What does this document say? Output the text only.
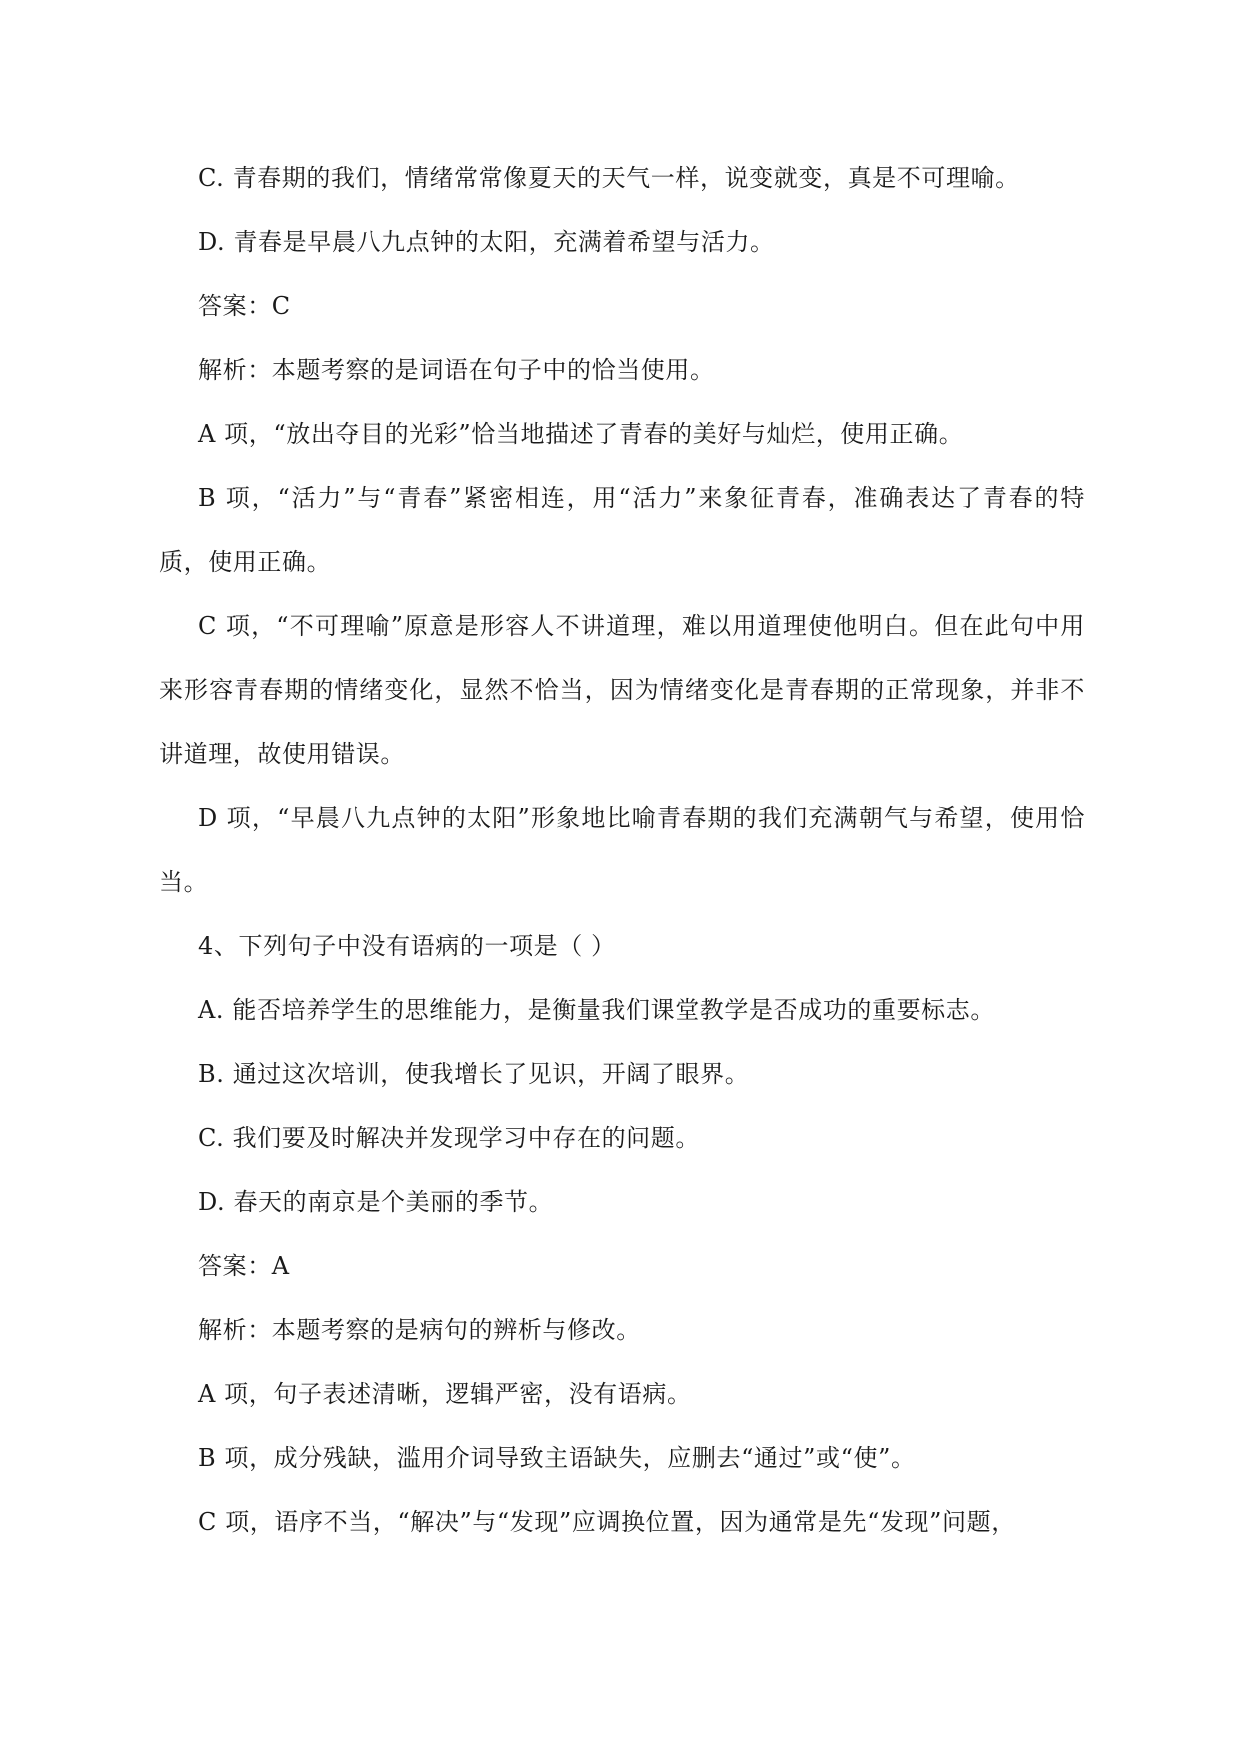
C. 青春期的我们，情绪常常像夏天的天气一样，说变就变，真是不可理喻。

D. 青春是早晨八九点钟的太阳，充满着希望与活力。

答案：C

解析：本题考察的是词语在句子中的恰当使用。

A 项，“放出夺目的光彩”恰当地描述了青春的美好与灿烂，使用正确。

B 项，“活力”与“青春”紧密相连，用“活力”来象征青春，准确表达了青春的特质，使用正确。

C 项，“不可理喻”原意是形容人不讲道理，难以用道理使他明白。但在此句中用来形容青春期的情绪变化，显然不恰当，因为情绪变化是青春期的正常现象，并非不讲道理，故使用错误。

D 项，“早晨八九点钟的太阳”形象地比喻青春期的我们充满朝气与希望，使用恰当。

4、下列句子中没有语病的一项是（ ）

A. 能否培养学生的思维能力，是衡量我们课堂教学是否成功的重要标志。

B. 通过这次培训，使我增长了见识，开阔了眼界。

C. 我们要及时解决并发现学习中存在的问题。

D. 春天的南京是个美丽的季节。

答案：A

解析：本题考察的是病句的辨析与修改。

A 项，句子表述清晰，逻辑严密，没有语病。

B 项，成分残缺，滥用介词导致主语缺失，应删去“通过”或“使”。

C 项，语序不当，“解决”与“发现”应调换位置，因为通常是先“发现”问题，
